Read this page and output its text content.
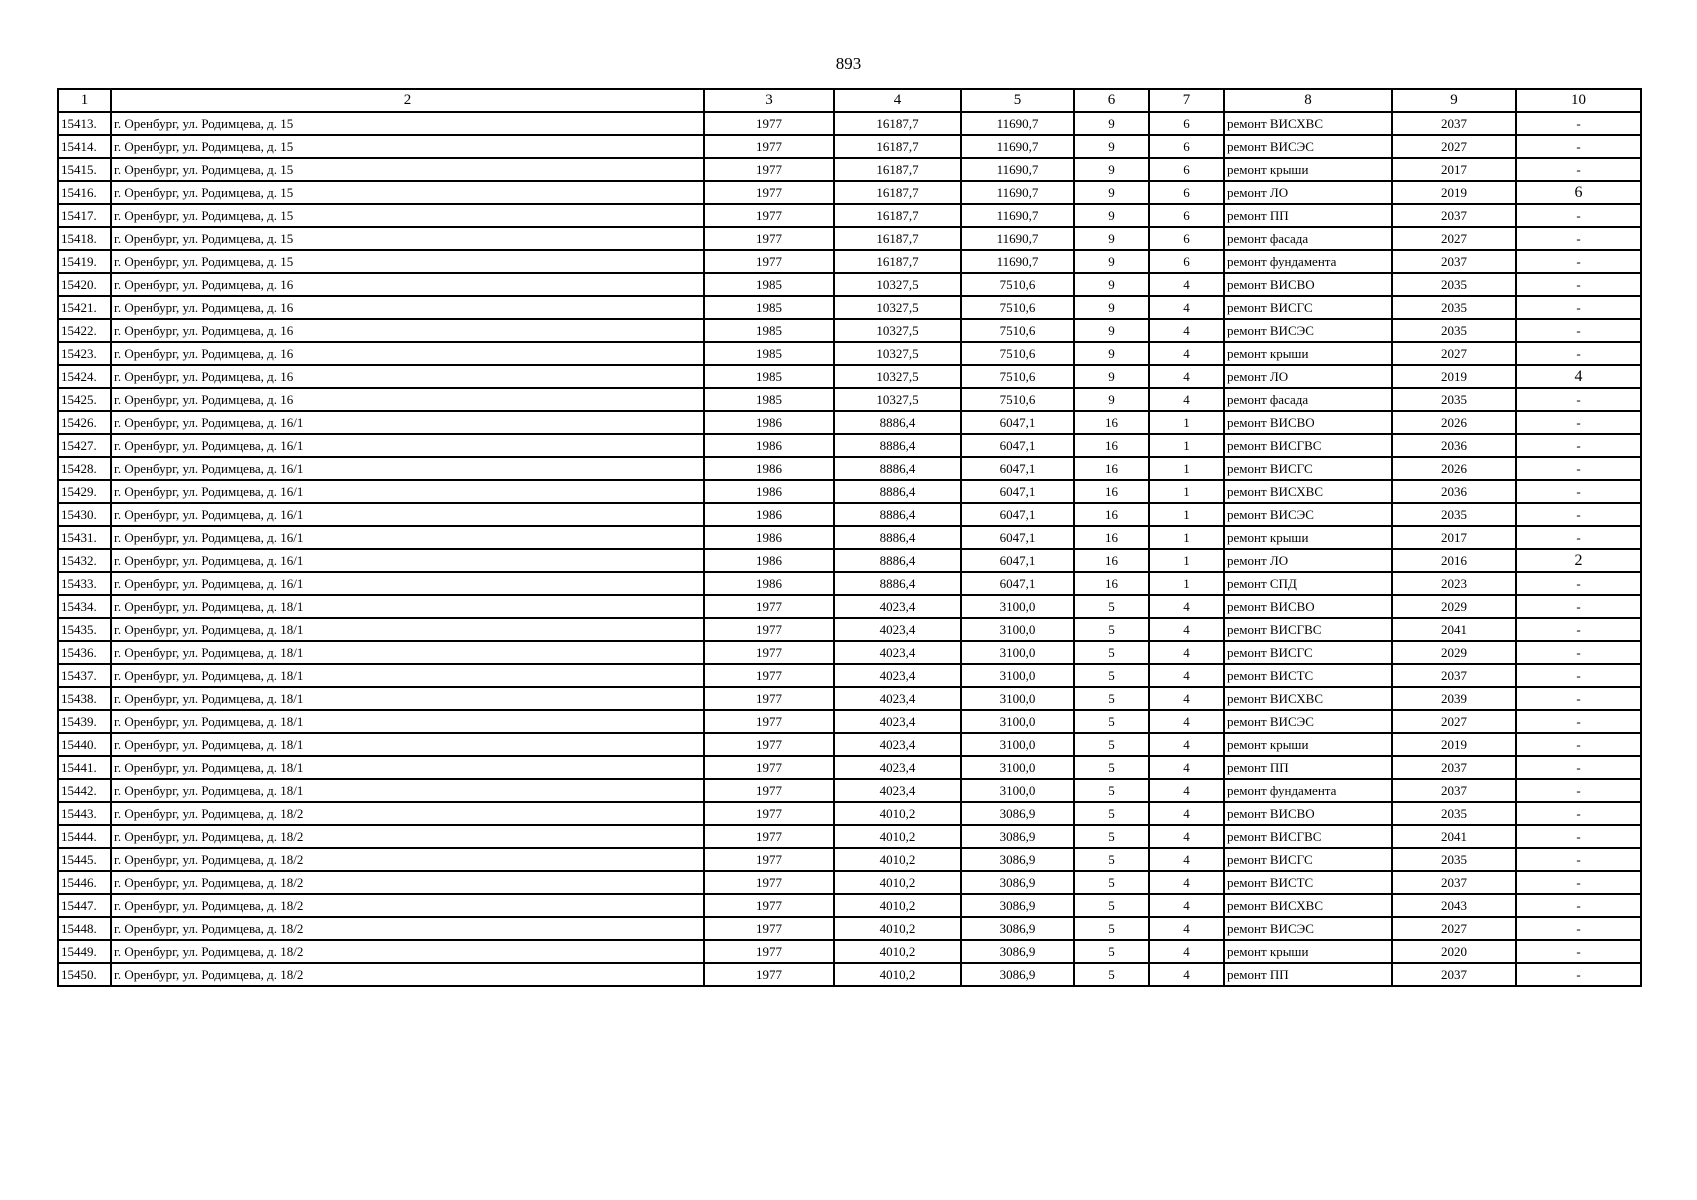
893
1	2	3	4	5	6	7	8	9	10
15413.	г. Оренбург, ул. Родимцева, д. 15	1977	16187,7	11690,7	9	6	ремонт ВИСХВС	2037	-
15414.	г. Оренбург, ул. Родимцева, д. 15	1977	16187,7	11690,7	9	6	ремонт ВИСЭС	2027	-
15415.	г. Оренбург, ул. Родимцева, д. 15	1977	16187,7	11690,7	9	6	ремонт крыши	2017	-
15416.	г. Оренбург, ул. Родимцева, д. 15	1977	16187,7	11690,7	9	6	ремонт ЛО	2019	6
15417.	г. Оренбург, ул. Родимцева, д. 15	1977	16187,7	11690,7	9	6	ремонт ПП	2037	-
15418.	г. Оренбург, ул. Родимцева, д. 15	1977	16187,7	11690,7	9	6	ремонт фасада	2027	-
15419.	г. Оренбург, ул. Родимцева, д. 15	1977	16187,7	11690,7	9	6	ремонт фундамента	2037	-
15420.	г. Оренбург, ул. Родимцева, д. 16	1985	10327,5	7510,6	9	4	ремонт ВИСВО	2035	-
15421.	г. Оренбург, ул. Родимцева, д. 16	1985	10327,5	7510,6	9	4	ремонт ВИСГС	2035	-
15422.	г. Оренбург, ул. Родимцева, д. 16	1985	10327,5	7510,6	9	4	ремонт ВИСЭС	2035	-
15423.	г. Оренбург, ул. Родимцева, д. 16	1985	10327,5	7510,6	9	4	ремонт крыши	2027	-
15424.	г. Оренбург, ул. Родимцева, д. 16	1985	10327,5	7510,6	9	4	ремонт ЛО	2019	4
15425.	г. Оренбург, ул. Родимцева, д. 16	1985	10327,5	7510,6	9	4	ремонт фасада	2035	-
15426.	г. Оренбург, ул. Родимцева, д. 16/1	1986	8886,4	6047,1	16	1	ремонт ВИСВО	2026	-
15427.	г. Оренбург, ул. Родимцева, д. 16/1	1986	8886,4	6047,1	16	1	ремонт ВИСГВС	2036	-
15428.	г. Оренбург, ул. Родимцева, д. 16/1	1986	8886,4	6047,1	16	1	ремонт ВИСГС	2026	-
15429.	г. Оренбург, ул. Родимцева, д. 16/1	1986	8886,4	6047,1	16	1	ремонт ВИСХВС	2036	-
15430.	г. Оренбург, ул. Родимцева, д. 16/1	1986	8886,4	6047,1	16	1	ремонт ВИСЭС	2035	-
15431.	г. Оренбург, ул. Родимцева, д. 16/1	1986	8886,4	6047,1	16	1	ремонт крыши	2017	-
15432.	г. Оренбург, ул. Родимцева, д. 16/1	1986	8886,4	6047,1	16	1	ремонт ЛО	2016	2
15433.	г. Оренбург, ул. Родимцева, д. 16/1	1986	8886,4	6047,1	16	1	ремонт СПД	2023	-
15434.	г. Оренбург, ул. Родимцева, д. 18/1	1977	4023,4	3100,0	5	4	ремонт ВИСВО	2029	-
15435.	г. Оренбург, ул. Родимцева, д. 18/1	1977	4023,4	3100,0	5	4	ремонт ВИСГВС	2041	-
15436.	г. Оренбург, ул. Родимцева, д. 18/1	1977	4023,4	3100,0	5	4	ремонт ВИСГС	2029	-
15437.	г. Оренбург, ул. Родимцева, д. 18/1	1977	4023,4	3100,0	5	4	ремонт ВИСТС	2037	-
15438.	г. Оренбург, ул. Родимцева, д. 18/1	1977	4023,4	3100,0	5	4	ремонт ВИСХВС	2039	-
15439.	г. Оренбург, ул. Родимцева, д. 18/1	1977	4023,4	3100,0	5	4	ремонт ВИСЭС	2027	-
15440.	г. Оренбург, ул. Родимцева, д. 18/1	1977	4023,4	3100,0	5	4	ремонт крыши	2019	-
15441.	г. Оренбург, ул. Родимцева, д. 18/1	1977	4023,4	3100,0	5	4	ремонт ПП	2037	-
15442.	г. Оренбург, ул. Родимцева, д. 18/1	1977	4023,4	3100,0	5	4	ремонт фундамента	2037	-
15443.	г. Оренбург, ул. Родимцева, д. 18/2	1977	4010,2	3086,9	5	4	ремонт ВИСВО	2035	-
15444.	г. Оренбург, ул. Родимцева, д. 18/2	1977	4010,2	3086,9	5	4	ремонт ВИСГВС	2041	-
15445.	г. Оренбург, ул. Родимцева, д. 18/2	1977	4010,2	3086,9	5	4	ремонт ВИСГС	2035	-
15446.	г. Оренбург, ул. Родимцева, д. 18/2	1977	4010,2	3086,9	5	4	ремонт ВИСТС	2037	-
15447.	г. Оренбург, ул. Родимцева, д. 18/2	1977	4010,2	3086,9	5	4	ремонт ВИСХВС	2043	-
15448.	г. Оренбург, ул. Родимцева, д. 18/2	1977	4010,2	3086,9	5	4	ремонт ВИСЭС	2027	-
15449.	г. Оренбург, ул. Родимцева, д. 18/2	1977	4010,2	3086,9	5	4	ремонт крыши	2020	-
15450.	г. Оренбург, ул. Родимцева, д. 18/2	1977	4010,2	3086,9	5	4	ремонт ПП	2037	-
